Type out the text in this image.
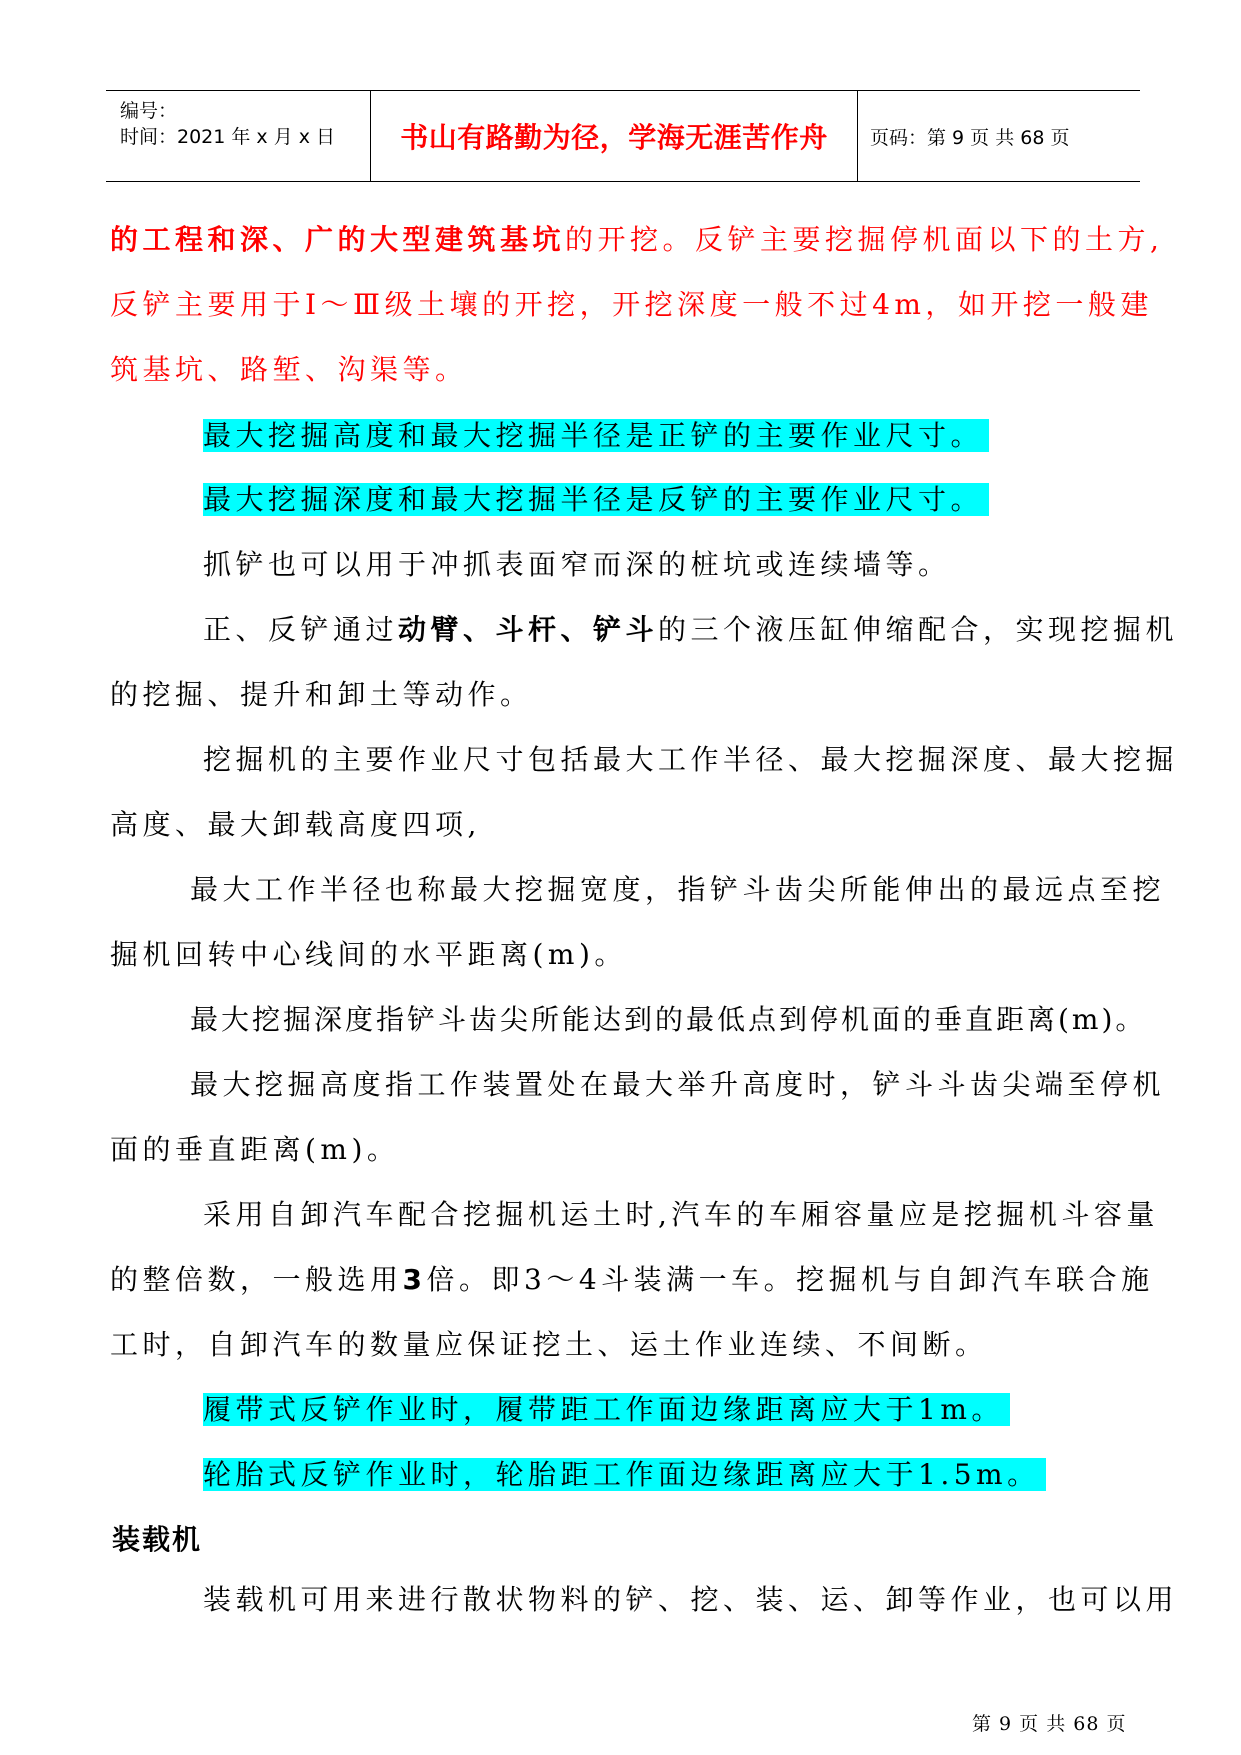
编号：
时间：2021 年 x 月 x 日 书山有路勤为径，学海无涯苦作舟 页码：第 9 页 共 68 页
的工程和深、广的大型建筑基坑的开挖。反铲主要挖掘停机面以下的土方,
反铲主要用于Ⅰ～Ⅲ级土壤的开挖，开挖深度一般不过4m，如开挖一般建
筑基坑、路堑、沟渠等。
最大挖掘高度和最大挖掘半径是正铲的主要作业尺寸。
最大挖掘深度和最大挖掘半径是反铲的主要作业尺寸。
抓铲也可以用于冲抓表面窄而深的桩坑或连续墙等。
正、反铲通过动臂、斗杆、铲斗的三个液压缸伸缩配合，实现挖掘机
的挖掘、提升和卸土等动作。
挖掘机的主要作业尺寸包括最大工作半径、最大挖掘深度、最大挖掘
高度、最大卸载高度四项,
最大工作半径也称最大挖掘宽度，指铲斗齿尖所能伸出的最远点至挖
掘机回转中心线间的水平距离(m)。
最大挖掘深度指铲斗齿尖所能达到的最低点到停机面的垂直距离(m)。
最大挖掘高度指工作装置处在最大举升高度时，铲斗斗齿尖端至停机
面的垂直距离(m)。
采用自卸汽车配合挖掘机运土时,汽车的车厢容量应是挖掘机斗容量
的整倍数，一般选用3倍。即3～4斗装满一车。挖掘机与自卸汽车联合施
工时，自卸汽车的数量应保证挖土、运土作业连续、不间断。
履带式反铲作业时，履带距工作面边缘距离应大于1m。
轮胎式反铲作业时，轮胎距工作面边缘距离应大于1.5m。
装载机
装载机可用来进行散状物料的铲、挖、装、运、卸等作业，也可以用
第 9 页 共 68 页
